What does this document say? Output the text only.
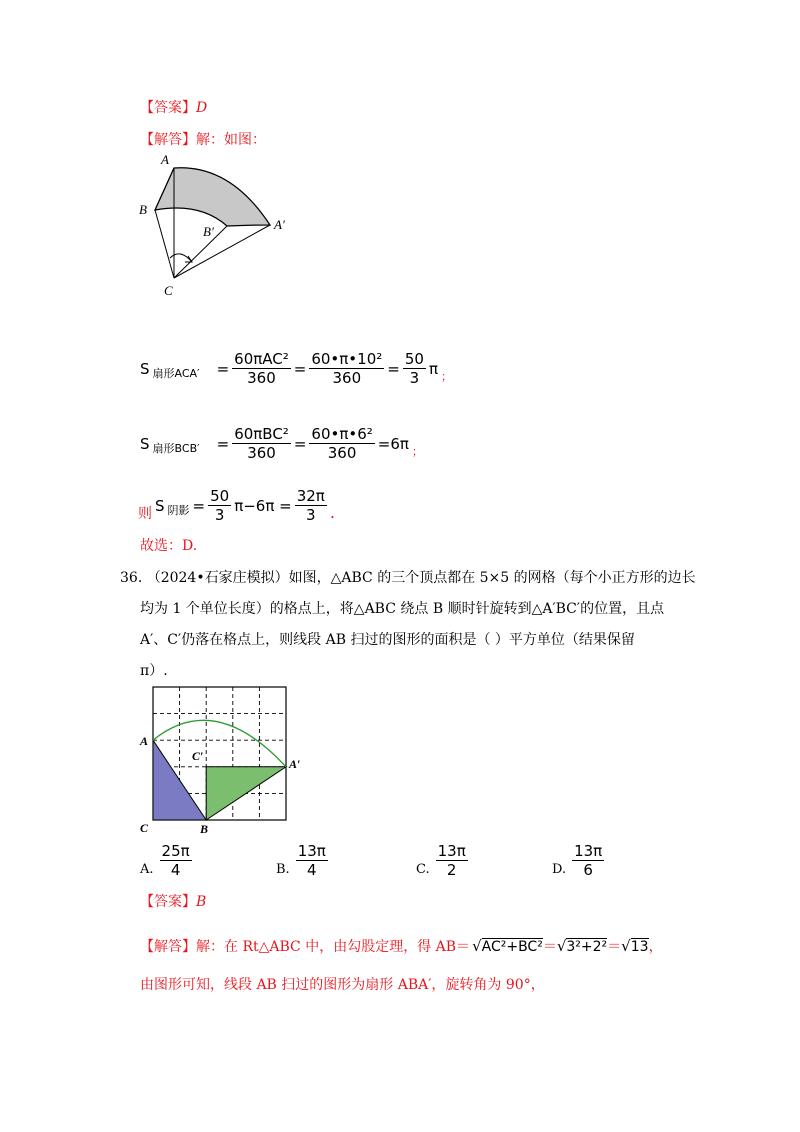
【答案】D
【解答】解：如图：
A
B
C
A′
B′
S 扇形$ACA' = \frac{\text{60πAC²}}{360} = \frac{\text{60•π•10²}}{360} = \frac{50}{3}$ π ；
S 扇形$BCB' = \frac{\text{60πBC²}}{360} = \frac{\text{60•π•6²}}{360} =6\pi$ ；
则 S 阴影 = $\frac{50}{3} \pi-6\pi = \frac{32\pi}{3}$ .
故选：D.
36. （2024•石家庄模拟）如图，△ABC 的三个顶点都在 5×5 的网格（每个小正方形的边长
均为 1 个单位长度）的格点上，将△ABC 绕点 B 顺时针旋转到△A′BC′的位置，且点
A′、C′仍落在格点上，则线段 AB 扫过的图形的面积是（ ）平方单位（结果保留
π）.
A
C	B
A′
C′
A. $\frac{25\pi}{4}$	B. $\frac{13\pi}{4}$	C. $\frac{13\pi}{2}$	D. $\frac{13\pi}{6}$
【答案】B
【解答】 解：在 Rt△ABC 中，由勾股定理，得 AB＝ √AC²+BC² ＝ √3²+2² ＝ √13 ，
由图形可知，线段 AB 扫过的图形为扇形 ABA′，旋转角为 90°，
